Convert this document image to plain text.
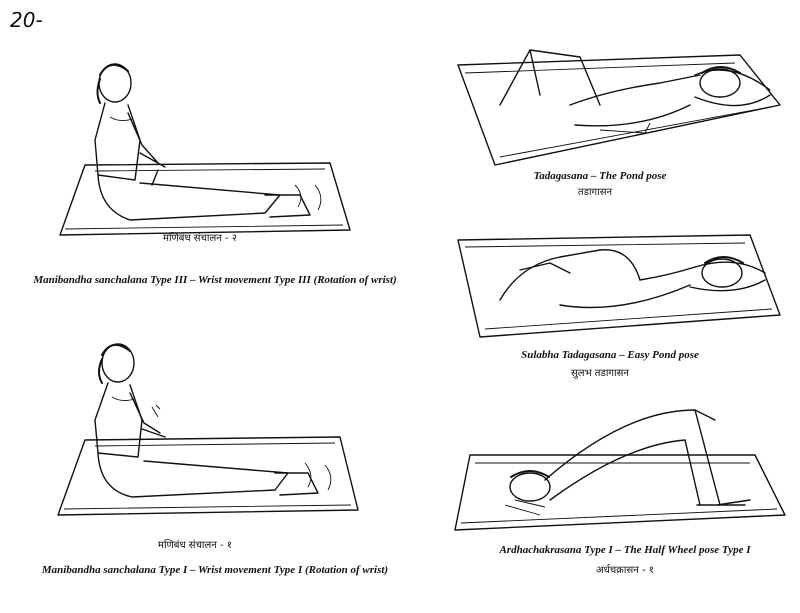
20-
मणिबंध संचालन - २
Manibandha sanchalana Type III – Wrist movement Type III (Rotation of wrist)
मणिबंध संचालन - १
Manibandha sanchalana Type I – Wrist movement Type I (Rotation of wrist)
Tadagasana – The Pond pose
तडागासन
Sulabha Tadagasana – Easy Pond pose
सुलभ तडागासन
Ardhachakrasana Type I – The Half Wheel pose Type I
अर्धचक्रासन - १
